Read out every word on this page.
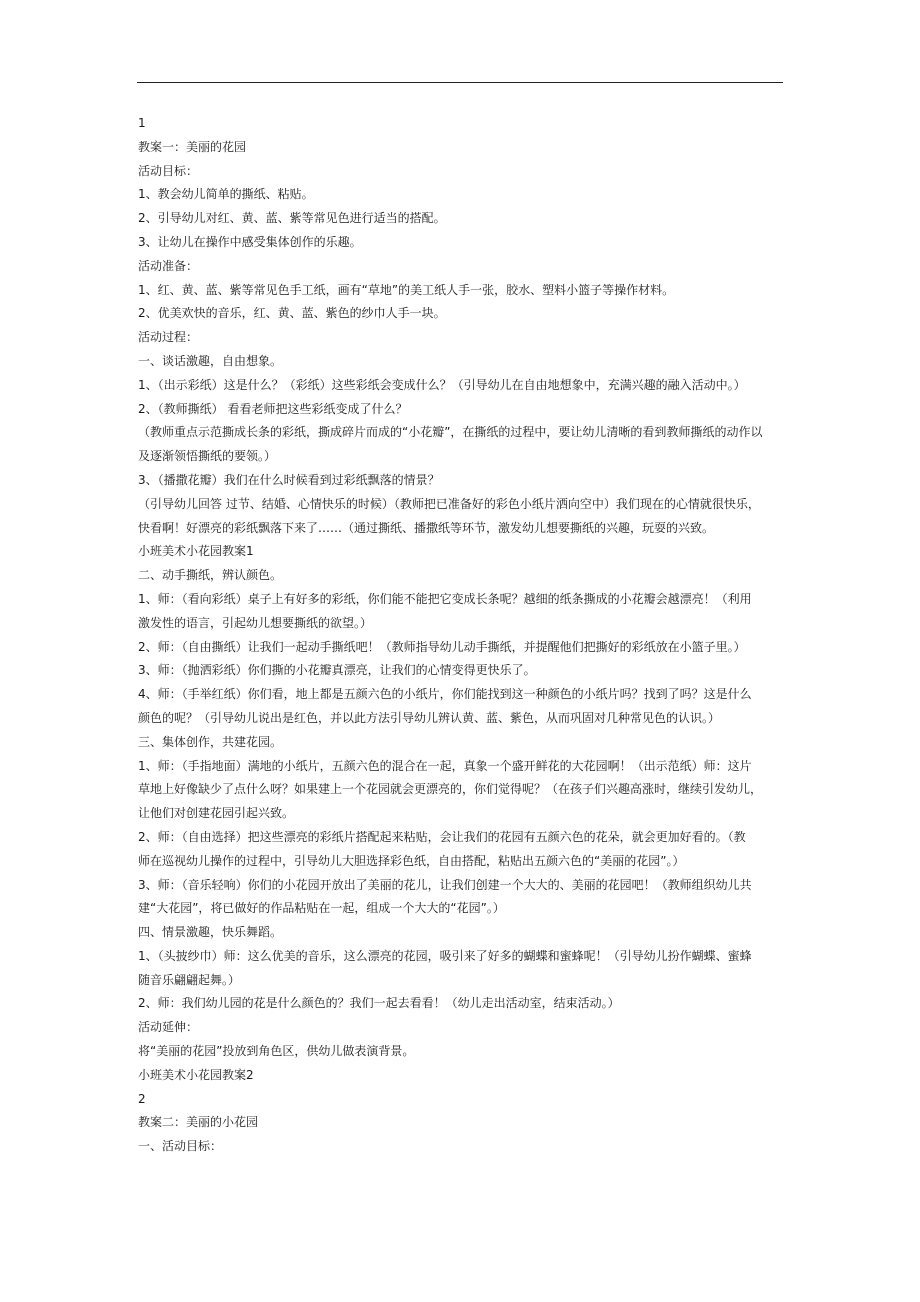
1
教案一：美丽的花园
活动目标：
1、教会幼儿简单的撕纸、粘贴。
2、引导幼儿对红、黄、蓝、紫等常见色进行适当的搭配。
3、让幼儿在操作中感受集体创作的乐趣。
活动准备：
1、红、黄、蓝、紫等常见色手工纸，画有“草地”的美工纸人手一张，胶水、塑料小篮子等操作材料。
2、优美欢快的音乐，红、黄、蓝、紫色的纱巾人手一块。
活动过程：
一、谈话激趣，自由想象。
1、（出示彩纸）这是什么？（彩纸）这些彩纸会变成什么？（引导幼儿在自由地想象中，充满兴趣的融入活动中。）
2、（教师撕纸） 看看老师把这些彩纸变成了什么？
（教师重点示范撕成长条的彩纸，撕成碎片而成的“小花瓣”，在撕纸的过程中，要让幼儿清晰的看到教师撕纸的动作以
及逐渐领悟撕纸的要领。）
3、（播撒花瓣）我们在什么时候看到过彩纸飘落的情景？
（引导幼儿回答 过节、结婚、心情快乐的时候）（教师把已准备好的彩色小纸片洒向空中）我们现在的心情就很快乐，
快看啊！好漂亮的彩纸飘落下来了……（通过撕纸、播撒纸等环节，激发幼儿想要撕纸的兴趣，玩耍的兴致。
小班美术小花园教案1
二、动手撕纸，辨认颜色。
1、师：（看向彩纸）桌子上有好多的彩纸，你们能不能把它变成长条呢？越细的纸条撕成的小花瓣会越漂亮！（利用
激发性的语言，引起幼儿想要撕纸的欲望。）
2、师：（自由撕纸）让我们一起动手撕纸吧！（教师指导幼儿动手撕纸，并提醒他们把撕好的彩纸放在小篮子里。）
3、师：（抛洒彩纸）你们撕的小花瓣真漂亮，让我们的心情变得更快乐了。
4、师：（手举红纸）你们看，地上都是五颜六色的小纸片，你们能找到这一种颜色的小纸片吗？找到了吗？这是什么
颜色的呢？（引导幼儿说出是红色，并以此方法引导幼儿辨认黄、蓝、紫色，从而巩固对几种常见色的认识。）
三、集体创作，共建花园。
1、师：（手指地面）满地的小纸片，五颜六色的混合在一起，真象一个盛开鲜花的大花园啊！（出示范纸）师：这片
草地上好像缺少了点什么呀？如果建上一个花园就会更漂亮的，你们觉得呢？（在孩子们兴趣高涨时，继续引发幼儿，
让他们对创建花园引起兴致。
2、师：（自由选择）把这些漂亮的彩纸片搭配起来粘贴，会让我们的花园有五颜六色的花朵，就会更加好看的。（教
师在巡视幼儿操作的过程中，引导幼儿大胆选择彩色纸，自由搭配，粘贴出五颜六色的“美丽的花园”。）
3、师：（音乐轻响）你们的小花园开放出了美丽的花儿，让我们创建一个大大的、美丽的花园吧！（教师组织幼儿共
建“大花园”，将已做好的作品粘贴在一起，组成一个大大的“花园”。）
四、情景激趣，快乐舞蹈。
1、（头披纱巾）师：这么优美的音乐，这么漂亮的花园，吸引来了好多的蝴蝶和蜜蜂呢！（引导幼儿扮作蝴蝶、蜜蜂
随音乐翩翩起舞。）
2、师：我们幼儿园的花是什么颜色的？我们一起去看看！（幼儿走出活动室，结束活动。）
活动延伸：
将“美丽的花园”投放到角色区，供幼儿做表演背景。
小班美术小花园教案2
2
教案二：美丽的小花园
一、活动目标：
